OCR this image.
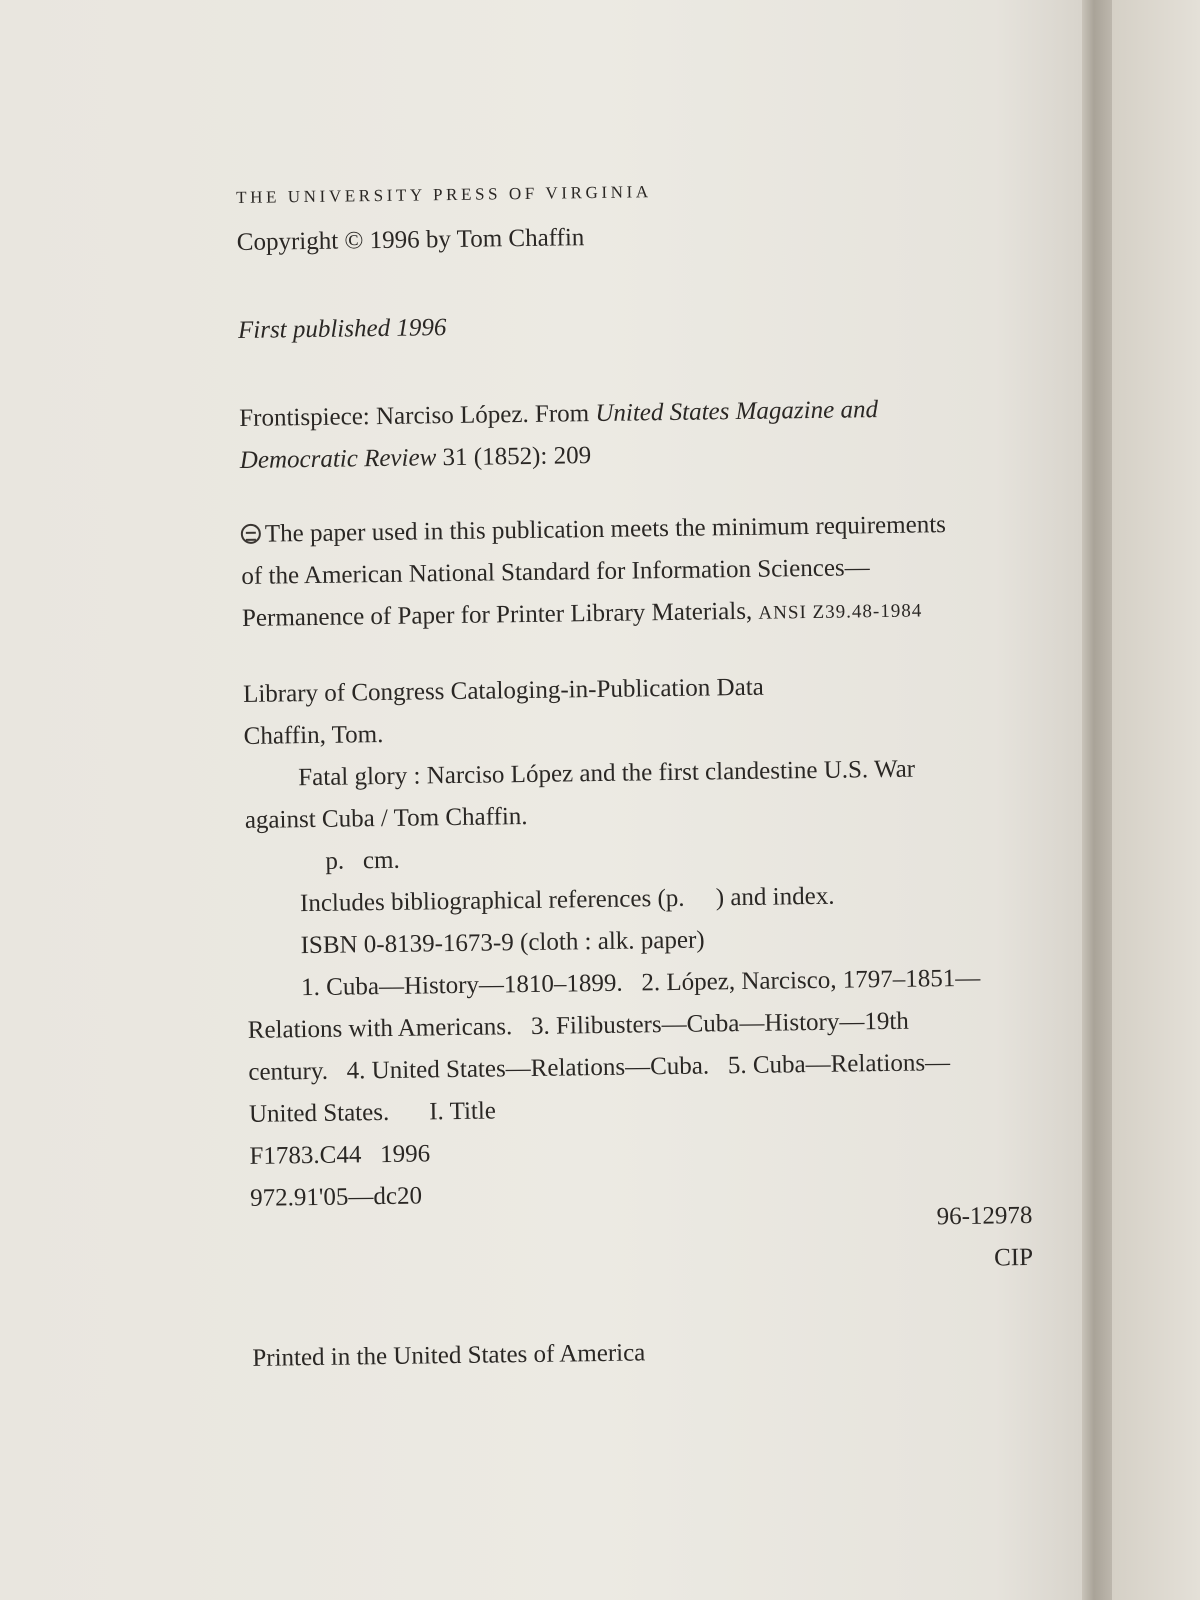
THE UNIVERSITY PRESS OF VIRGINIA
Copyright © 1996 by Tom Chaffin
First published 1996
Frontispiece: Narciso López. From United States Magazine and
Democratic Review 31 (1852): 209
The paper used in this publication meets the minimum requirements
of the American National Standard for Information Sciences—
Permanence of Paper for Printer Library Materials, ANSI Z39.48-1984
Library of Congress Cataloging-in-Publication Data
Chaffin, Tom.
Fatal glory : Narciso López and the first clandestine U.S. War
against Cuba / Tom Chaffin.
p.   cm.
Includes bibliographical references (p.     ) and index.
ISBN 0-8139-1673-9 (cloth : alk. paper)
1. Cuba—History—1810–1899.   2. López, Narcisco, 1797–1851—
Relations with Americans.   3. Filibusters—Cuba—History—19th
century.   4. United States—Relations—Cuba.   5. Cuba—Relations—
United States. I. Title
F1783.C44   1996
972.91'05—dc20
96-12978
CIP
Printed in the United States of America
